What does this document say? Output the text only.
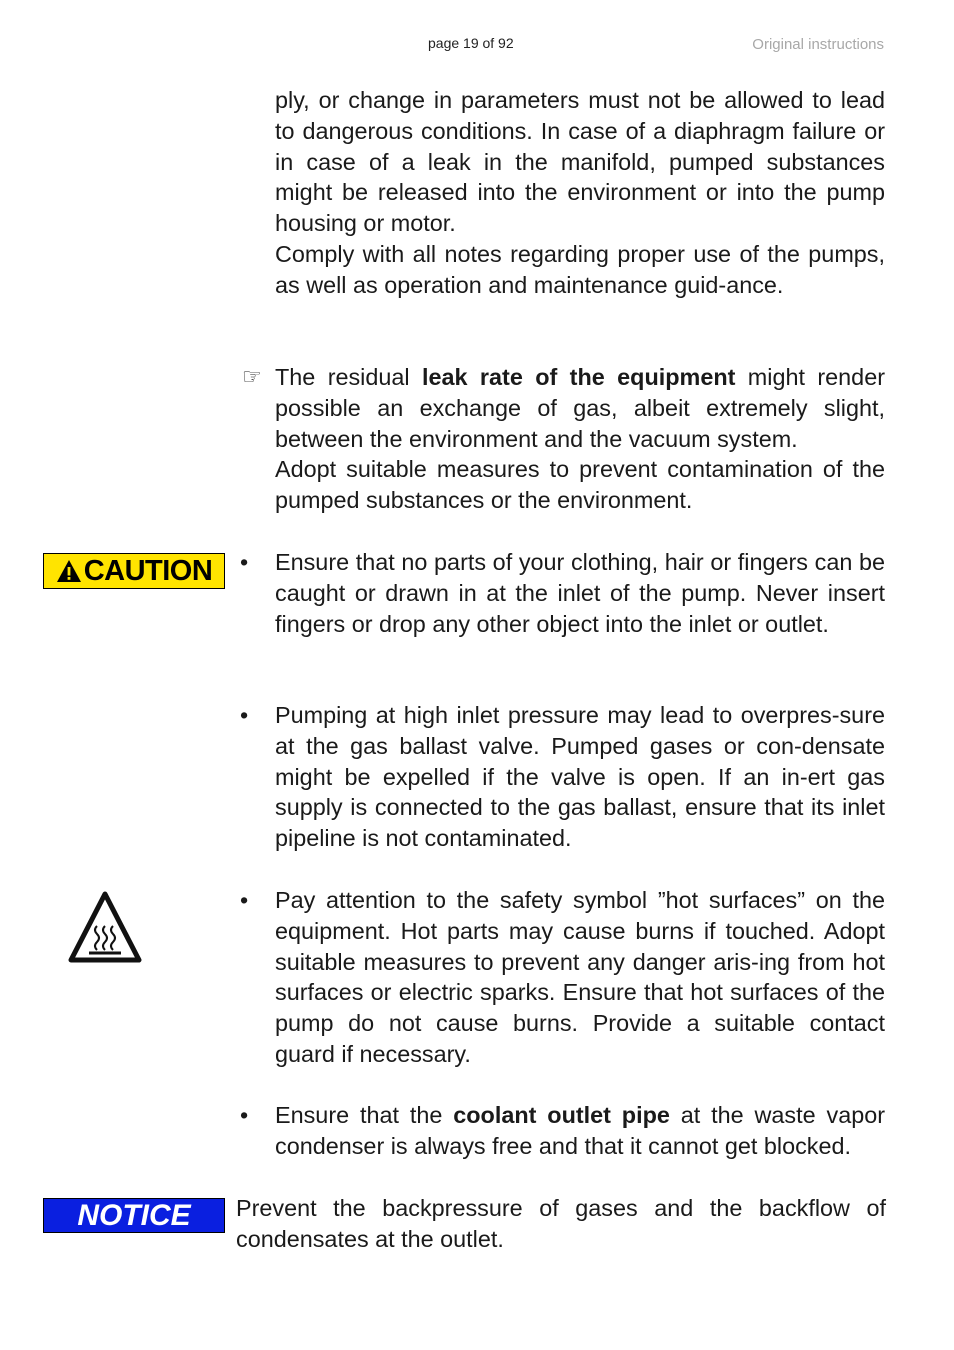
page 19 of 92	Original instructions

ply, or change in parameters must not be allowed to lead to dangerous conditions. In case of a diaphragm failure or in case of a leak in the manifold, pumped substances might be released into the environment or into the pump housing or motor.

Comply with all notes regarding proper use of the pumps, as well as operation and maintenance guid-ance.

☞ The residual leak rate of the equipment might render possible an exchange of gas, albeit extremely slight, between the environment and the vacuum system.

Adopt suitable measures to prevent contamination of the pumped substances or the environment.

CAUTION • Ensure that no parts of your clothing, hair or fingers can be caught or drawn in at the inlet of the pump. Never insert fingers or drop any other object into the inlet or outlet.

• Pumping at high inlet pressure may lead to overpres-sure at the gas ballast valve. Pumped gases or con-densate might be expelled if the valve is open. If an in-ert gas supply is connected to the gas ballast, ensure that its inlet pipeline is not contaminated.

• Pay attention to the safety symbol ”hot surfaces” on the equipment. Hot parts may cause burns if touched. Adopt suitable measures to prevent any danger aris-ing from hot surfaces or electric sparks. Ensure that hot surfaces of the pump do not cause burns. Provide a suitable contact guard if necessary.

• Ensure that the coolant outlet pipe at the waste vapor condenser is always free and that it cannot get blocked.

NOTICE	Prevent the backpressure of gases and the backflow of condensates at the outlet.
